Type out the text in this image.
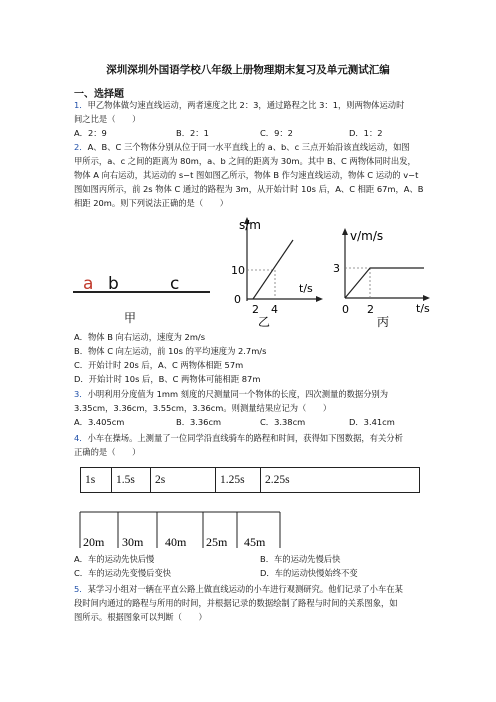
深圳深圳外国语学校八年级上册物理期末复习及单元测试汇编
一、选择题
1．甲乙物体做匀速直线运动，两者速度之比 2：3，通过路程之比 3：1，则两物体运动时
间之比是（　　）
A．2：9	B．2：1	C．9：2	D．1：2
2．A、B、C 三个物体分别从位于同一水平直线上的 a、b、c 三点开始沿该直线运动，如图
甲所示，a、c 之间的距离为 80m，a、b 之间的距离为 30m。其中 B、C 两物体同时出发，
物体 A 向右运动，其运动的 s−t 图如图乙所示，物体 B 作匀速直线运动，物体 C 运动的 v−t
图如图丙所示，前 2s 物体 C 通过的路程为 3m，从开始计时 10s 后，A、C 相距 67m，A、B
相距 20m。则下列说法正确的是（　　）
a b	c
甲
s/m
t/s
10
0
2 4
乙
v/m/s
t/s
3
0 2
丙
A．物体 B 向右运动，速度为 2m/s
B．物体 C 向左运动，前 10s 的平均速度为 2.7m/s
C．开始计时 20s 后，A、C 两物体相距 57m
D．开始计时 10s 后，B、C 两物体可能相距 87m
3．小明利用分度值为 1mm 刻度的尺测量同一个物体的长度，四次测量的数据分别为
3.35cm，3.36cm，3.55cm，3.36cm。则测量结果应记为（　　）
A．3.405cm	B．3.36cm	C．3.38cm	D．3.41cm
4．小车在操场。上测量了一位同学沿直线骑车的路程和时间，获得如下图数据，有关分析
正确的是（　　）
1s	1.5s	2s	1.25s	2.25s
20m 30m 40m 25m 45m
A．车的运动先快后慢	B．车的运动先慢后快
C．车的运动先变慢后变快	D．车的运动快慢始终不变
5．某学习小组对一辆在平直公路上做直线运动的小车进行观测研究。他们记录了小车在某
段时间内通过的路程与所用的时间，并根据记录的数据绘制了路程与时间的关系图象，如
图所示。根据图象可以判断（　　）
